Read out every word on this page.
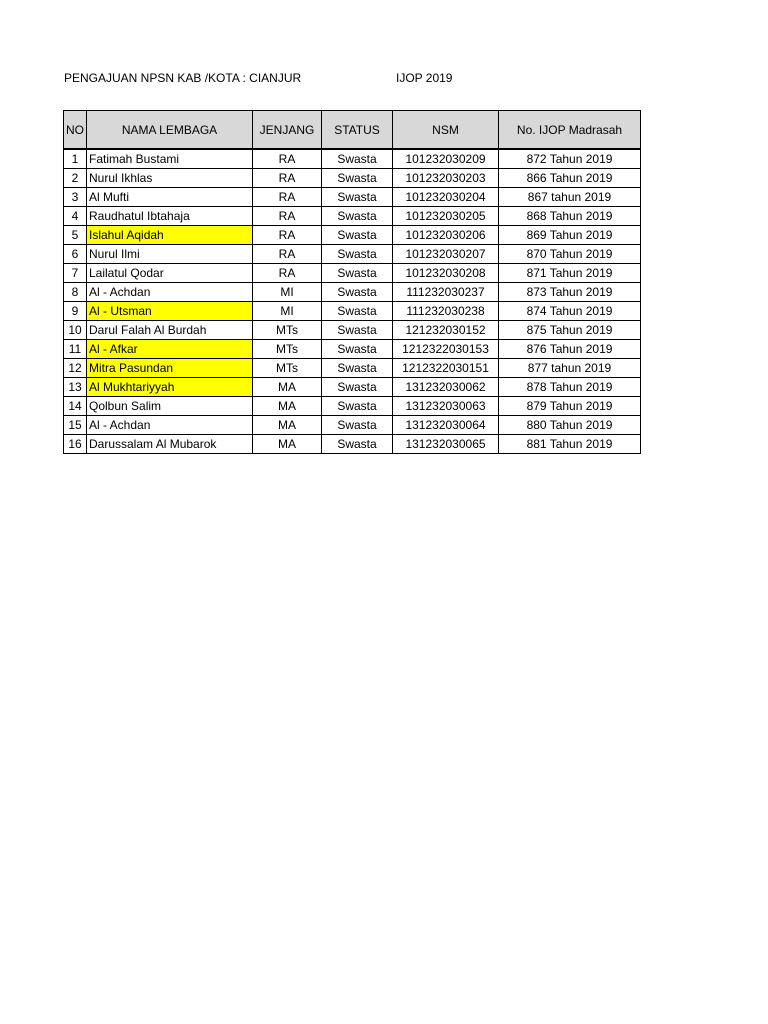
PENGAJUAN NPSN KAB /KOTA : CIANJUR	IJOP 2019
NO	NAMA LEMBAGA	JENJANG	STATUS	NSM	No. IJOP Madrasah
1	Fatimah Bustami	RA	Swasta	101232030209	872 Tahun 2019
2	Nurul Ikhlas	RA	Swasta	101232030203	866 Tahun 2019
3	Al Mufti	RA	Swasta	101232030204	867 tahun 2019
4	Raudhatul Ibtahaja	RA	Swasta	101232030205	868 Tahun 2019
5	Islahul Aqidah	RA	Swasta	101232030206	869 Tahun 2019
6	Nurul Ilmi	RA	Swasta	101232030207	870 Tahun 2019
7	Lailatul Qodar	RA	Swasta	101232030208	871 Tahun 2019
8	Al - Achdan	MI	Swasta	111232030237	873 Tahun 2019
9	Al - Utsman	MI	Swasta	111232030238	874 Tahun 2019
10	Darul Falah Al Burdah	MTs	Swasta	121232030152	875 Tahun 2019
11	Al - Afkar	MTs	Swasta	1212322030153	876 Tahun 2019
12	Mitra Pasundan	MTs	Swasta	1212322030151	877 tahun 2019
13	Al Mukhtariyyah	MA	Swasta	131232030062	878 Tahun 2019
14	Qolbun Salim	MA	Swasta	131232030063	879 Tahun 2019
15	Al - Achdan	MA	Swasta	131232030064	880 Tahun 2019
16	Darussalam Al Mubarok	MA	Swasta	131232030065	881 Tahun 2019
